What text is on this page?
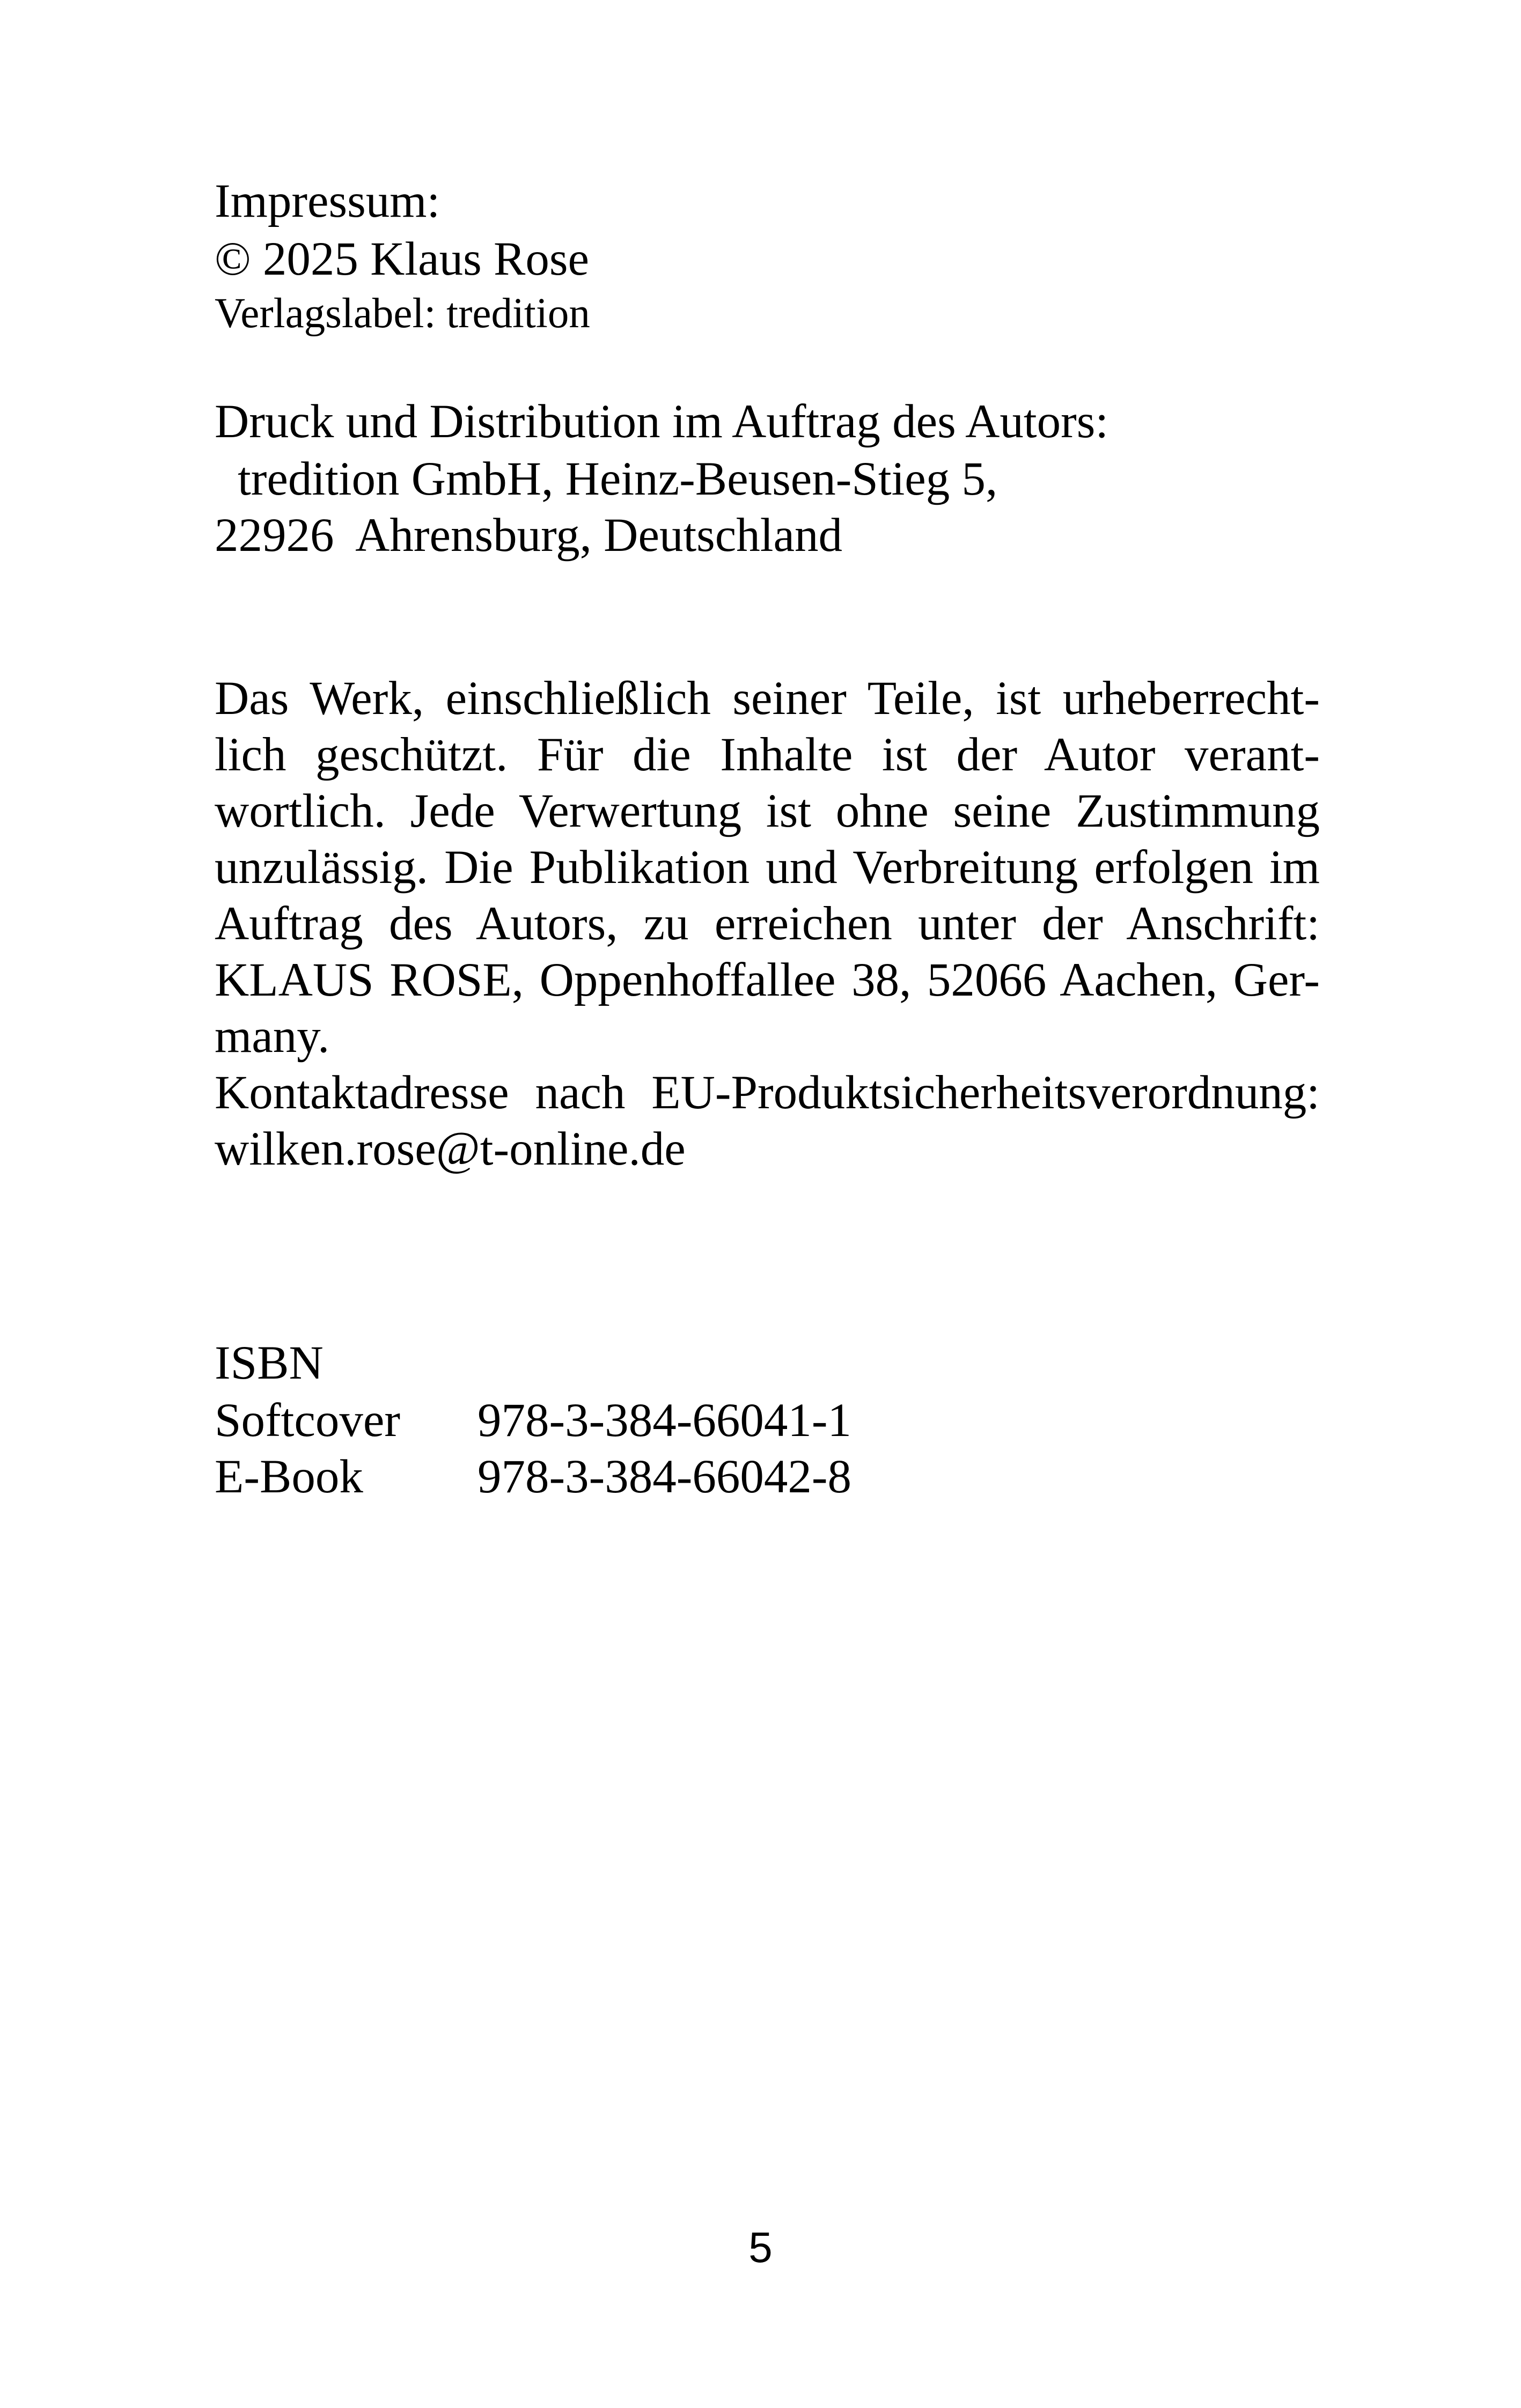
Impressum:
© 2025 Klaus Rose
Verlagslabel: tredition
Druck und Distribution im Auftrag des Autors:
tredition GmbH, Heinz-Beusen-Stieg 5,
22926  Ahrensburg, Deutschland
Das Werk, einschließlich seiner Teile, ist urheberrecht-
lich geschützt. Für die Inhalte ist der Autor verant-
wortlich. Jede Verwertung ist ohne seine Zustimmung
unzulässig. Die Publikation und Verbreitung erfolgen im
Auftrag des Autors, zu erreichen unter der Anschrift:
KLAUS ROSE, Oppenhoffallee 38, 52066 Aachen, Ger-
many.
Kontaktadresse nach EU-Produktsicherheitsverordnung:
wilken.rose@t-online.de
ISBN
Softcover 978-3-384-66041-1
E-Book 978-3-384-66042-8
5
